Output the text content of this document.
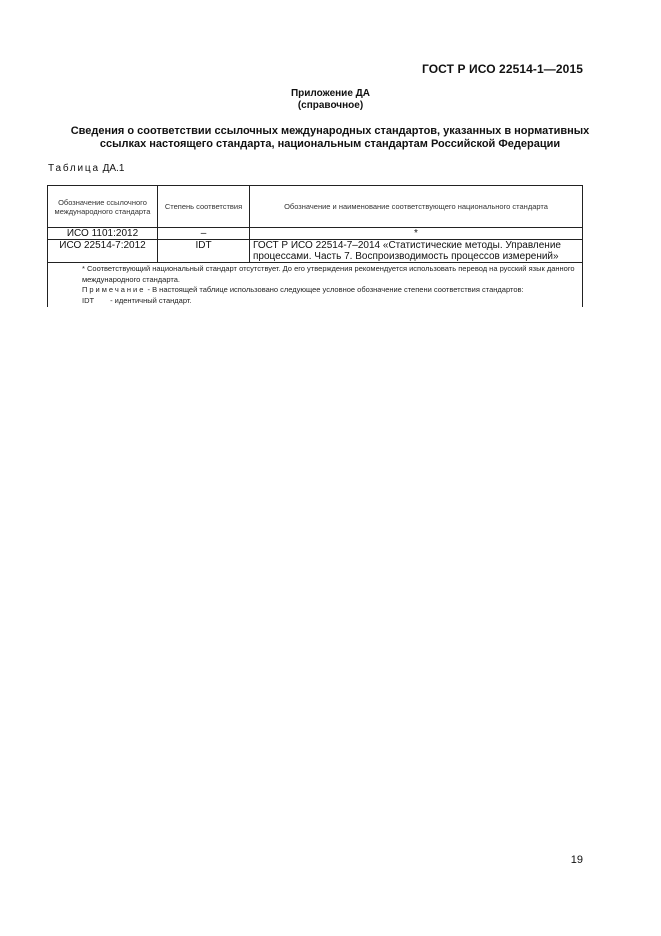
ГОСТ Р ИСО 22514-1—2015
Приложение ДА
(справочное)
Сведения о соответствии ссылочных международных стандартов, указанных в нормативных
ссылках настоящего стандарта, национальным стандартам Российской Федерации
Таблица ДА.1
Обозначение ссылочного международного стандарта	Степень соответствия	Обозначение и наименование соответствующего национального стандарта
ИСО 1101:2012	–	*
ИСО 22514-7:2012	IDT	ГОСТ Р ИСО 22514-7–2014 «Статистические методы. Управление процессами. Часть 7. Воспроизводимость процессов измерений»

* Соответствующий национальный стандарт отсутствует. До его утверждения рекомендуется использовать перевод на русский язык данного международного стандарта.

Примечание - В настоящей таблице использовано следующее условное обозначение степени соответствия стандартов:

IDT - идентичный стандарт.		

19
